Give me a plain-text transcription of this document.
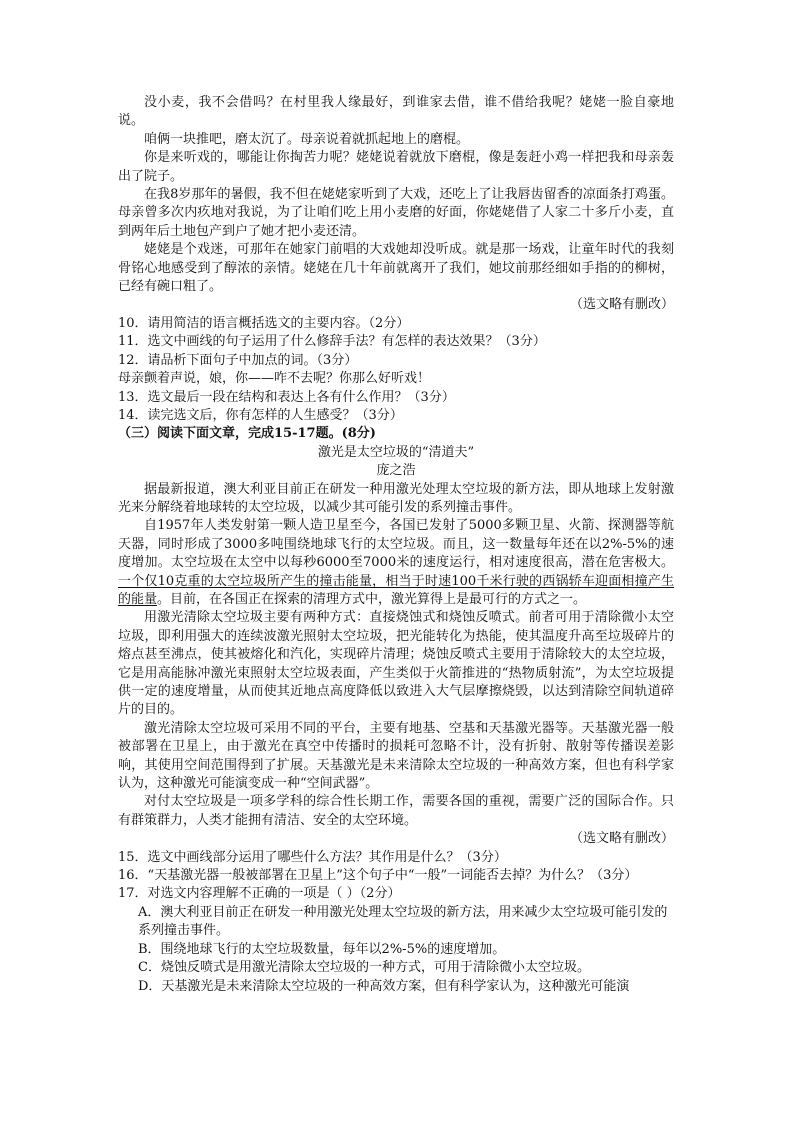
没小麦，我不会借吗？在村里我人缘最好，到谁家去借，谁不借给我呢？姥姥一脸自豪地说。

咱俩一块推吧，磨太沉了。母亲说着就抓起地上的磨棍。

你是来听戏的，哪能让你掏苦力呢？姥姥说着就放下磨棍，像是轰赶小鸡一样把我和母亲轰出了院子。

在我8岁那年的暑假，我不但在姥姥家听到了大戏，还吃上了让我唇齿留香的凉面条打鸡蛋。母亲曾多次内疚地对我说，为了让咱们吃上用小麦磨的好面，你姥姥借了人家二十多斤小麦，直到两年后土地包产到户了她才把小麦还清。

姥姥是个戏迷，可那年在她家门前唱的大戏她却没听成。就是那一场戏，让童年时代的我刻骨铭心地感受到了醇浓的亲情。姥姥在几十年前就离开了我们，她坟前那经细如手指的的柳树，已经有碗口粗了。

（选文略有删改）

10．请用简洁的语言概括选文的主要内容。（2分）

11．选文中画线的句子运用了什么修辞手法？有怎样的表达效果？（3分）

12．请品析下面句子中加点的词。（3分）

母亲颤着声说，娘，你——咋不去呢？你那么好听戏！

13．选文最后一段在结构和表达上各有什么作用？（3分）

14．读完选文后，你有怎样的人生感受？（3分）

（三）阅读下面文章，完成15-17题。(8分)

激光是太空垃圾的“清道夫”

庞之浩

据最新报道，澳大利亚目前正在研发一种用激光处理太空垃圾的新方法，即从地球上发射激光来分解绕着地球转的太空垃圾，以减少其可能引发的系列撞击事件。

自1957年人类发射第一颗人造卫星至今，各国已发射了5000多颗卫星、火箭、探测器等航天器，同时形成了3000多吨围绕地球飞行的太空垃圾。而且，这一数量每年还在以2%-5%的速度增加。太空垃圾在太空中以每秒6000至7000米的速度运行，相对速度很高，潜在危害极大。一个仅10克重的太空垃圾所产生的撞击能量，相当于时速100千米行驶的西锅轿车迎面相撞产生的能量。目前，在各国正在探索的清理方式中，激光算得上是最可行的方式之一。

用激光清除太空垃圾主要有两种方式：直接烧蚀式和烧蚀反喷式。前者可用于清除微小太空垃圾，即利用强大的连续波激光照射太空垃圾，把光能转化为热能，使其温度升高至垃圾碎片的熔点甚至沸点，使其被熔化和汽化，实现碎片清理；烧蚀反喷式主要用于清除较大的太空垃圾，它是用高能脉冲激光束照射太空垃圾表面，产生类似于火箭推进的“热物质射流”，为太空垃圾提供一定的速度增量，从而使其近地点高度降低以致进入大气层摩擦烧毁，以达到清除空间轨道碎片的目的。

激光清除太空垃圾可采用不同的平台，主要有地基、空基和天基激光器等。天基激光器一般被部署在卫星上，由于激光在真空中传播时的损耗可忽略不计，没有折射、散射等传播误差影响，其使用空间范围得到了扩展。天基激光是未来清除太空垃圾的一种高效方案，但也有科学家认为，这种激光可能演变成一种“空间武器”。

对付太空垃圾是一项多学科的综合性长期工作，需要各国的重视，需要广泛的国际合作。只有群策群力，人类才能拥有清洁、安全的太空环境。

（选文略有删改）

15．选文中画线部分运用了哪些什么方法？其作用是什么？（3分）

16．“天基激光器一般被部署在卫星上”这个句子中“一般”一词能否去掉？为什么？（3分）

17．对选文内容理解不正确的一项是（ ）（2分）

A．澳大利亚目前正在研发一种用激光处理太空垃圾的新方法，用来减少太空垃圾可能引发的系列撞击事件。

B．围绕地球飞行的太空垃圾数量，每年以2%-5%的速度增加。

C．烧蚀反喷式是用激光清除太空垃圾的一种方式，可用于清除微小太空垃圾。

D．天基激光是未来清除太空垃圾的一种高效方案，但有科学家认为，这种激光可能演
